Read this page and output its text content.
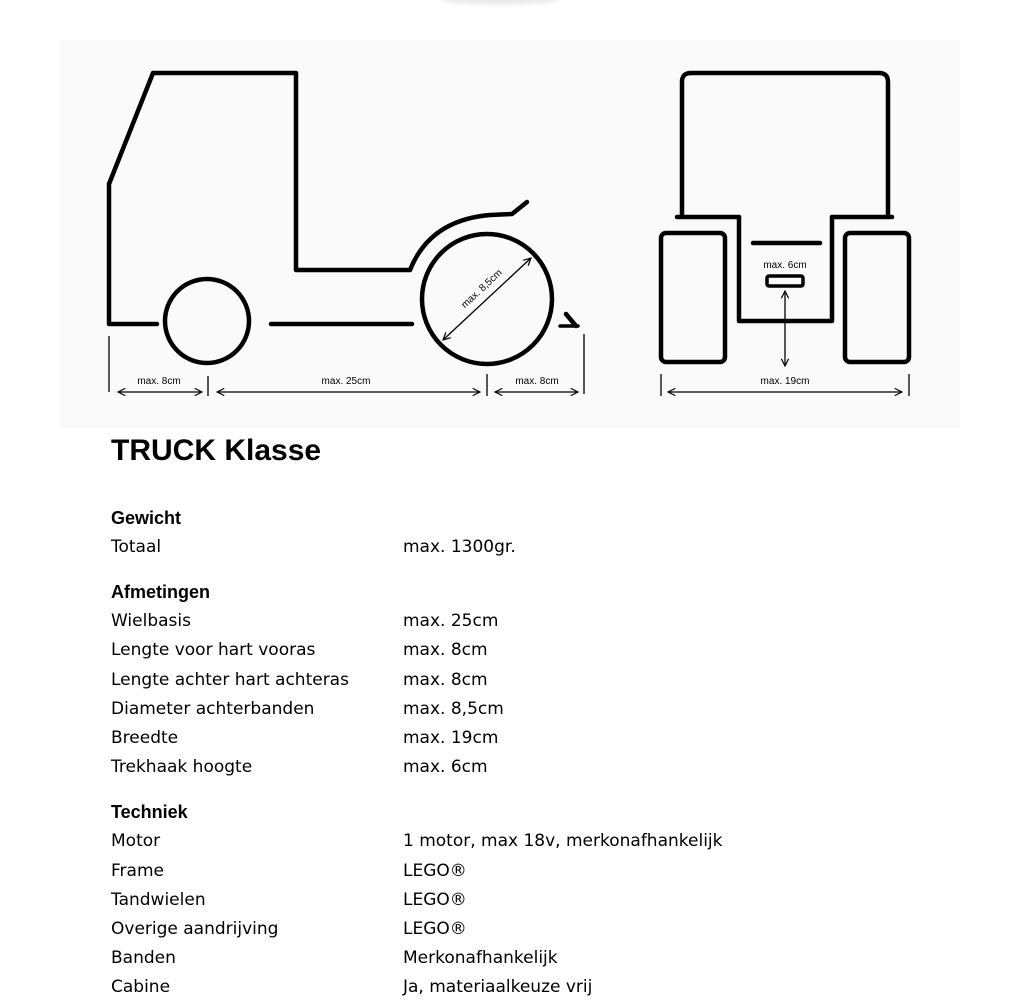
max. 8cm	max. 25cm	max. 8cm
max. 8,5cm
max. 6cm
max. 19cm
TRUCK Klasse
Gewicht
Totaal	max. 1300gr.
Afmetingen
Wielbasis	max. 25cm
Lengte voor hart vooras	max. 8cm
Lengte achter hart achteras	max. 8cm
Diameter achterbanden	max. 8,5cm
Breedte	max. 19cm
Trekhaak hoogte	max. 6cm
Techniek
Motor	1 motor, max 18v, merkonafhankelijk
Frame	LEGO®
Tandwielen	LEGO®
Overige aandrijving	LEGO®
Banden	Merkonafhankelijk
Cabine	Ja, materiaalkeuze vrij
